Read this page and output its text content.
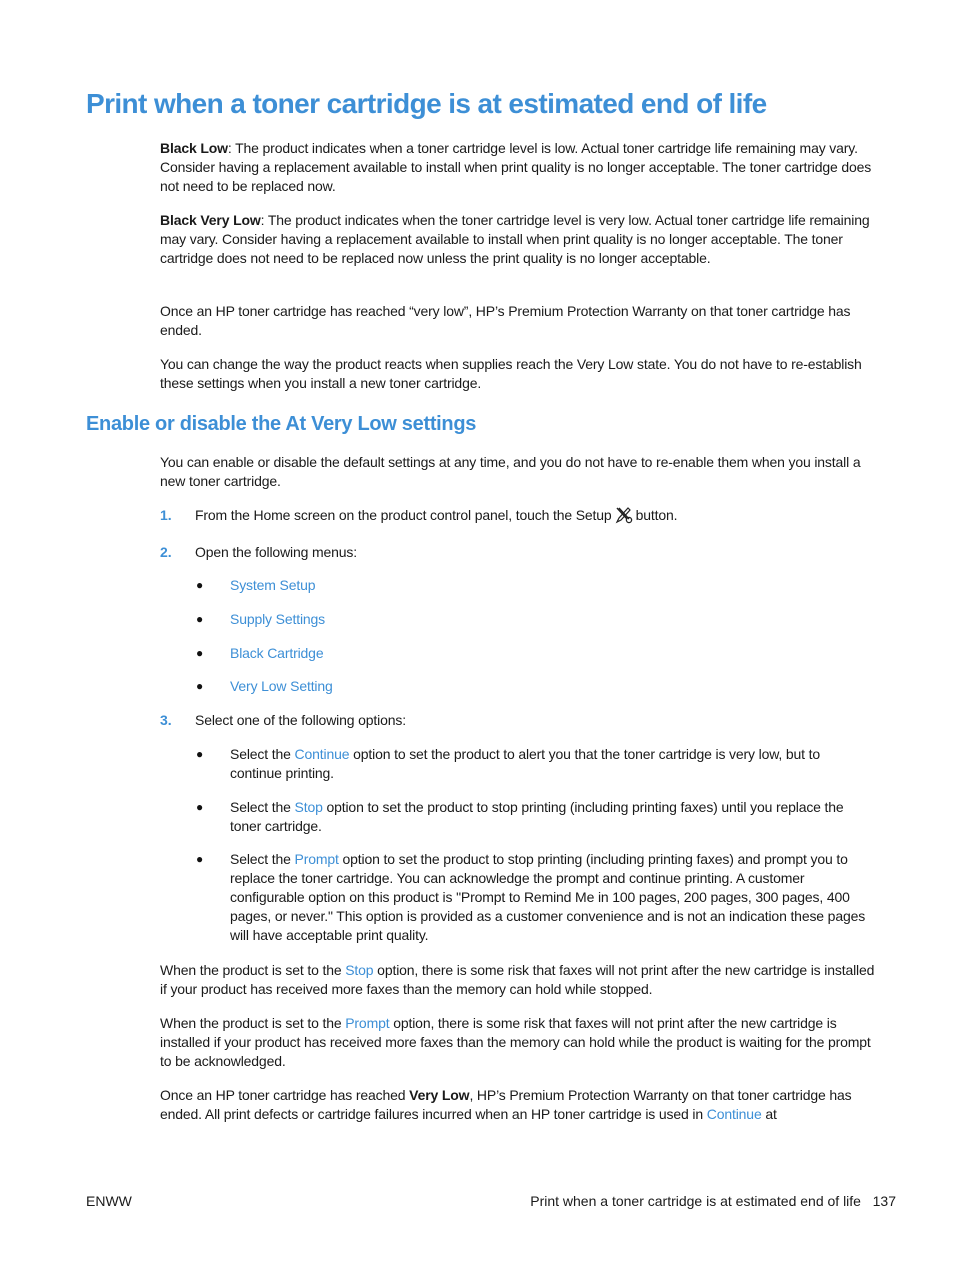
Print when a toner cartridge is at estimated end of life

Black Low: The product indicates when a toner cartridge level is low. Actual toner cartridge life remaining may vary. Consider having a replacement available to install when print quality is no longer acceptable. The toner cartridge does not need to be replaced now.

Black Very Low: The product indicates when the toner cartridge level is very low. Actual toner cartridge life remaining may vary. Consider having a replacement available to install when print quality is no longer acceptable. The toner cartridge does not need to be replaced now unless the print quality is no longer acceptable.

Once an HP toner cartridge has reached “very low”, HP’s Premium Protection Warranty on that toner cartridge has ended.

You can change the way the product reacts when supplies reach the Very Low state. You do not have to re-establish these settings when you install a new toner cartridge.

Enable or disable the At Very Low settings

You can enable or disable the default settings at any time, and you do not have to re-enable them when you install a new toner cartridge.

1. From the Home screen on the product control panel, touch the Setup button.

2. Open the following menus:

● System Setup

● Supply Settings

● Black Cartridge

● Very Low Setting

3. Select one of the following options:

● Select the Continue option to set the product to alert you that the toner cartridge is very low, but to continue printing.

● Select the Stop option to set the product to stop printing (including printing faxes) until you replace the toner cartridge.

● Select the Prompt option to set the product to stop printing (including printing faxes) and prompt you to replace the toner cartridge. You can acknowledge the prompt and continue printing. A customer configurable option on this product is "Prompt to Remind Me in 100 pages, 200 pages, 300 pages, 400 pages, or never." This option is provided as a customer convenience and is not an indication these pages will have acceptable print quality.

When the product is set to the Stop option, there is some risk that faxes will not print after the new cartridge is installed if your product has received more faxes than the memory can hold while stopped.

When the product is set to the Prompt option, there is some risk that faxes will not print after the new cartridge is installed if your product has received more faxes than the memory can hold while the product is waiting for the prompt to be acknowledged.

Once an HP toner cartridge has reached Very Low, HP’s Premium Protection Warranty on that toner cartridge has ended. All print defects or cartridge failures incurred when an HP toner cartridge is used in Continue at

ENWW	Print when a toner cartridge is at estimated end of life 137
